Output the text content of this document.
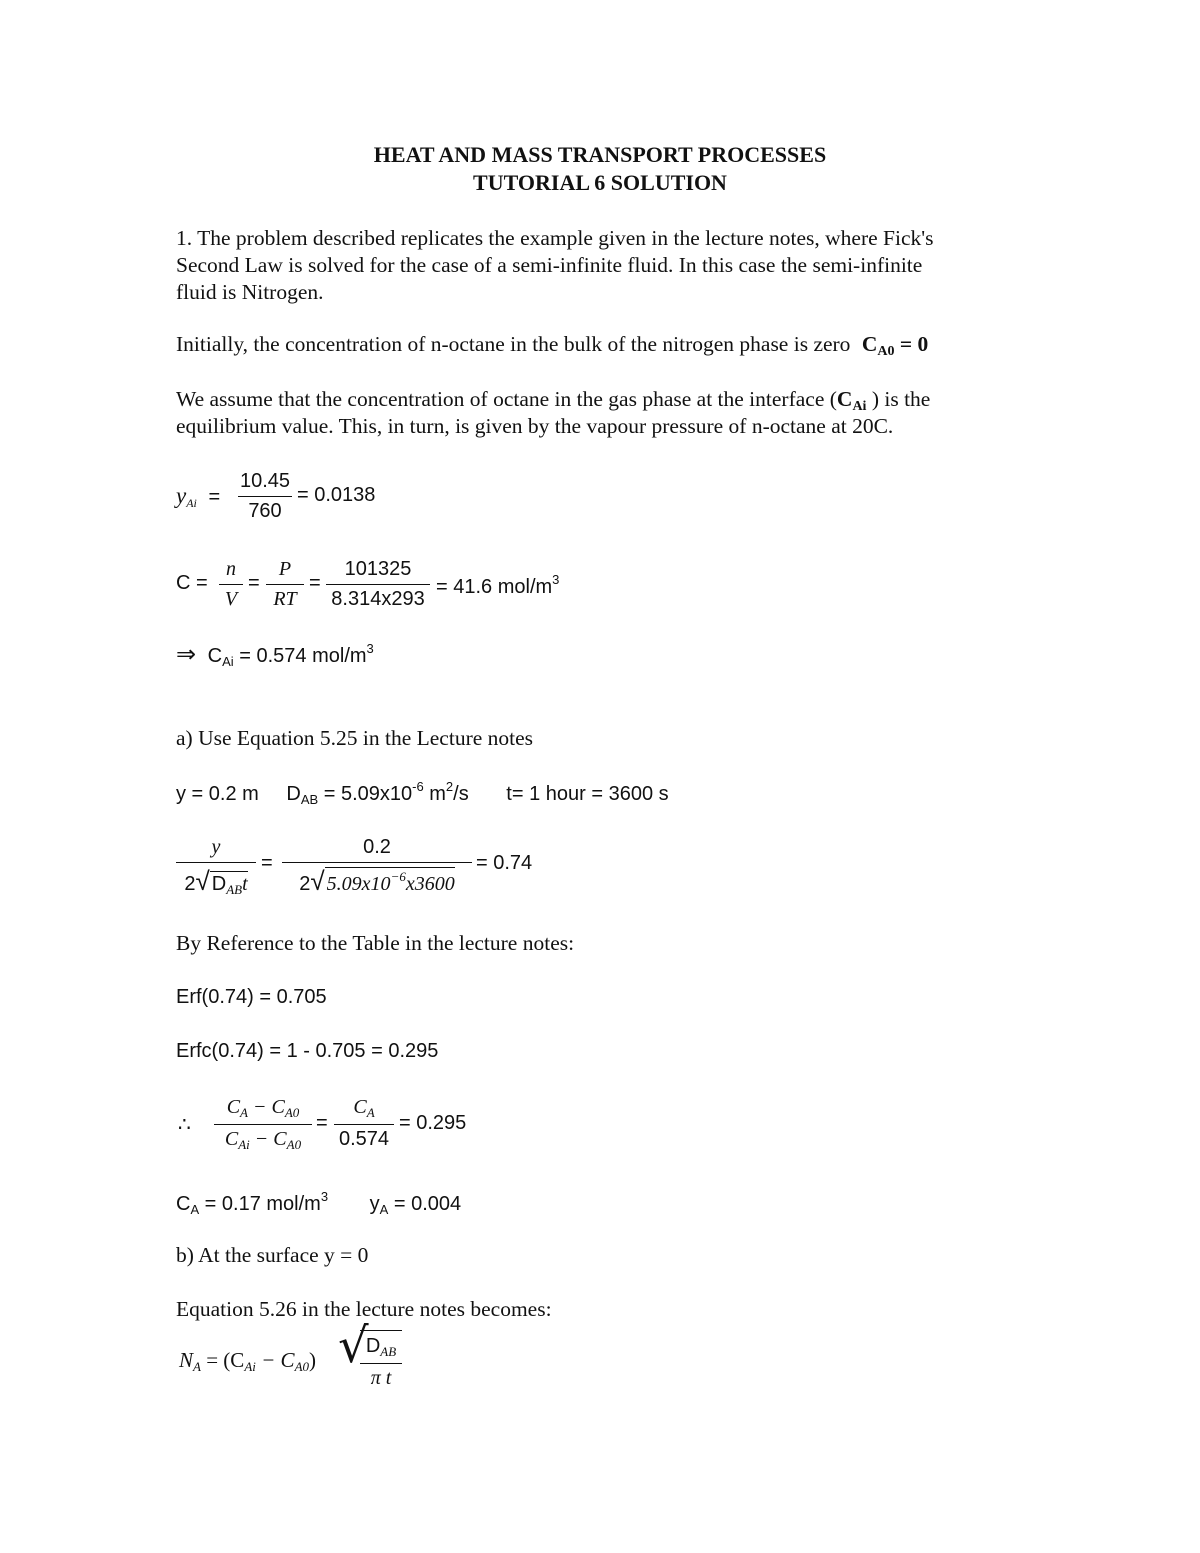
HEAT AND MASS TRANSPORT PROCESSES
TUTORIAL 6 SOLUTION
1. The problem described replicates the example given in the lecture notes, where Fick's
Second Law is solved for the case of a semi-infinite fluid. In this case the semi-infinite
fluid is Nitrogen.
Initially, the concentration of n-octane in the bulk of the nitrogen phase is zero CA0 = 0
We assume that the concentration of octane in the gas phase at the interface (CAi ) is the
equilibrium value. This, in turn, is given by the vapour pressure of n-octane at 20C.
$y_{Ai}$ =
10.45
760
= 0.0138
C =
n
V
=
P
RT
=
101325
8.314x293
= 41.6 mol/$m^3$
⇒ $C_{Ai} = 0.574$ mol/$m^3$
a) Use Equation 5.25 in the Lecture notes
y = 0.2 m $D_{AB} = 5.09x10^{-6}$ $m^2/s$ t= 1 hour = 3600 s
y
2√ $D_{AB}t$
=
0.2
2√ $5.09x10^{-6}x3600$
= 0.74
By Reference to the Table in the lecture notes:
Erf(0.74) = 0.705
Erfc(0.74) = 1 - 0.705 = 0.295
∴
$C_A - C_{A0}$
$C_{Ai} - C_{A0}$
=
$C_A$
0.574
= 0.295
$C_A = 0.17$ mol/$m^3$ $y_A = 0.004$
b) At the surface y = 0
Equation 5.26 in the lecture notes becomes:
$N_A = (C_{Ai} - C_{A0})$ √
$D_{AB}$
π t
